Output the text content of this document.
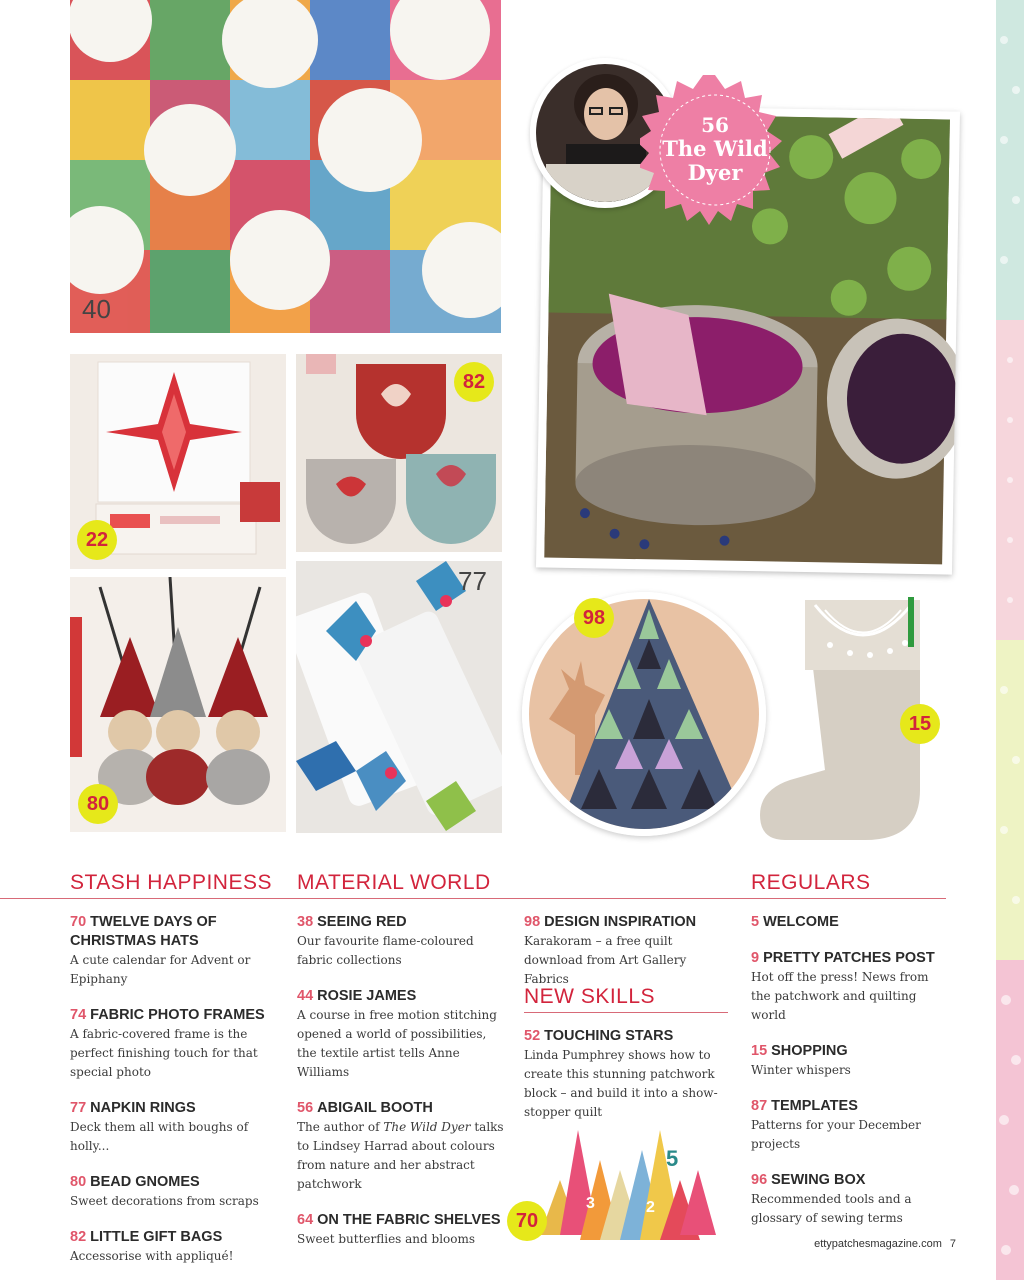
40
22
82
80
77
56
The Wild
Dyer
98
15
5
3	2
70
STASH HAPPINESS MATERIAL WORLD	REGULARS
70 TWELVE DAYS OF CHRISTMAS HATS
A cute calendar for Advent or Epiphany
74 FABRIC PHOTO FRAMES
A fabric-covered frame is the perfect finishing touch for that special photo
77 NAPKIN RINGS
Deck them all with boughs of holly...
80 BEAD GNOMES
Sweet decorations from scraps
82 LITTLE GIFT BAGS
Accessorise with appliqué!
38 SEEING RED
Our favourite flame-coloured fabric collections
44 ROSIE JAMES
A course in free motion stitching opened a world of possibilities, the textile artist tells Anne Williams
56 ABIGAIL BOOTH
The author of The Wild Dyer talks to Lindsey Harrad about colours from nature and her abstract patchwork
64 ON THE FABRIC SHELVES
Sweet butterflies and blooms
98 DESIGN INSPIRATION
Karakoram – a free quilt download from Art Gallery Fabrics
NEW SKILLS
52 TOUCHING STARS
Linda Pumphrey shows how to create this stunning patchwork block – and build it into a show-stopper quilt
5 WELCOME
9 PRETTY PATCHES POST
Hot off the press! News from the patchwork and quilting world
15 SHOPPING
Winter whispers
87 TEMPLATES
Patterns for your December projects
96 SEWING BOX
Recommended tools and a glossary of sewing terms
ettypatchesmagazine.com 7
